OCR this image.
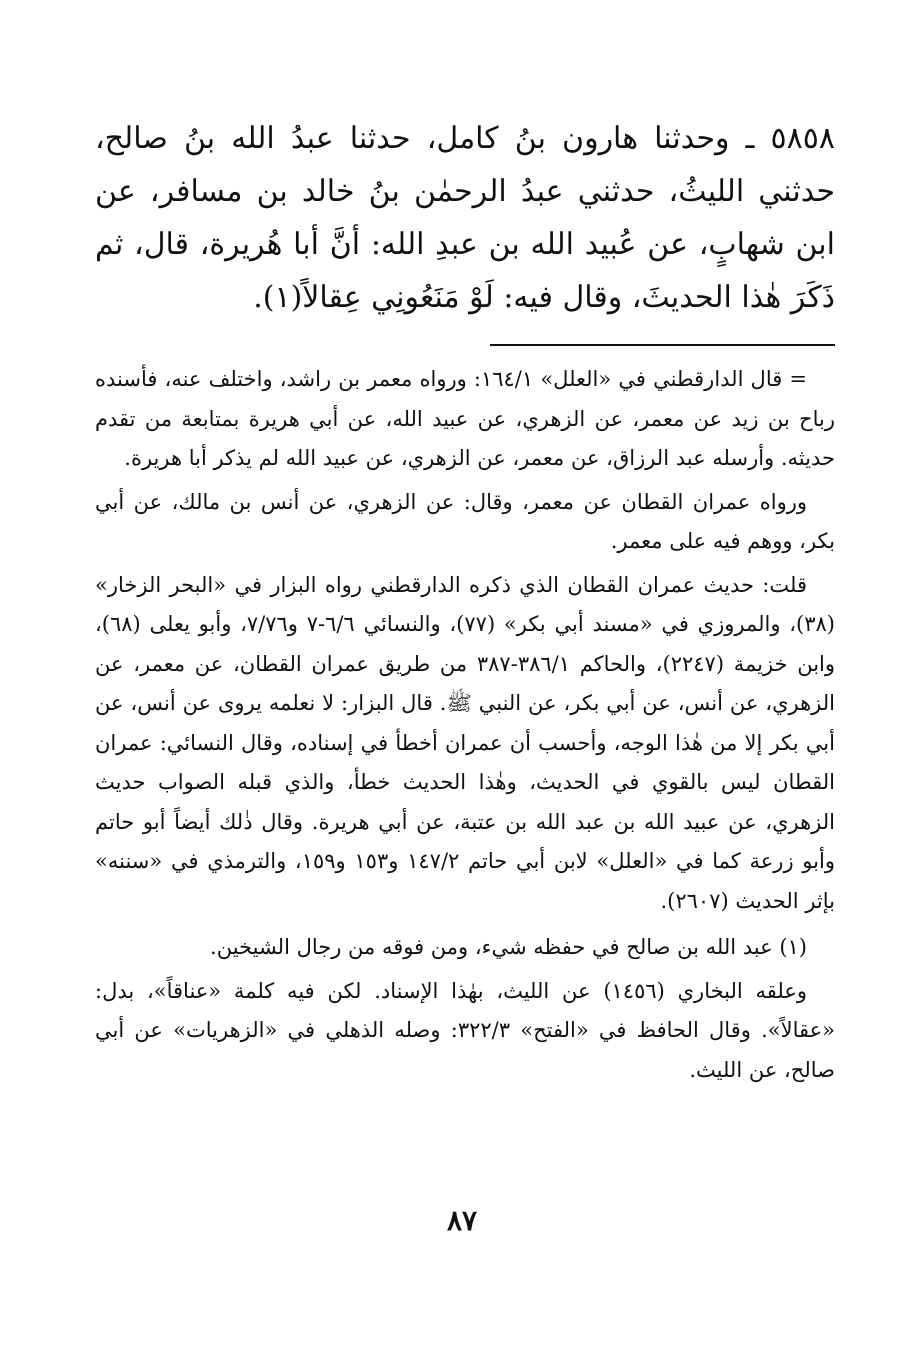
٥٨٥٨ ـ وحدثنا هارون بنُ كامل، حدثنا عبدُ الله بنُ صالح، حدثني الليثُ، حدثني عبدُ الرحمٰن بنُ خالد بن مسافر، عن ابن شهابٍ، عن عُبيد الله بن عبدِ الله: أنَّ أبا هُريرة، قال، ثم ذَكَرَ هٰذا الحديثَ، وقال فيه: لَوْ مَنَعُونِي عِقالاً(١).

= قال الدارقطني في «العلل» ١٦٤/١: ورواه معمر بن راشد، واختلف عنه، فأسنده رباح بن زيد عن معمر، عن الزهري، عن عبيد الله، عن أبي هريرة بمتابعة من تقدم حديثه. وأرسله عبد الرزاق، عن معمر، عن الزهري، عن عبيد الله لم يذكر أبا هريرة.

ورواه عمران القطان عن معمر، وقال: عن الزهري، عن أنس بن مالك، عن أبي بكر، ووهم فيه على معمر.

قلت: حديث عمران القطان الذي ذكره الدارقطني رواه البزار في «البحر الزخار» (٣٨)، والمروزي في «مسند أبي بكر» (٧٧)، والنسائي ٦/٦-٧ و٧/٧٦، وأبو يعلى (٦٨)، وابن خزيمة (٢٢٤٧)، والحاكم ٣٨٦/١-٣٨٧ من طريق عمران القطان، عن معمر، عن الزهري، عن أنس، عن أبي بكر، عن النبي ﷺ. قال البزار: لا نعلمه يروى عن أنس، عن أبي بكر إلا من هٰذا الوجه، وأحسب أن عمران أخطأ في إسناده، وقال النسائي: عمران القطان ليس بالقوي في الحديث، وهٰذا الحديث خطأ، والذي قبله الصواب حديث الزهري، عن عبيد الله بن عبد الله بن عتبة، عن أبي هريرة. وقال ذٰلك أيضاً أبو حاتم وأبو زرعة كما في «العلل» لابن أبي حاتم ١٤٧/٢ و١٥٣ و١٥٩، والترمذي في «سننه» بإثر الحديث (٢٦٠٧).

(١) عبد الله بن صالح في حفظه شيء، ومن فوقه من رجال الشيخين.

وعلقه البخاري (١٤٥٦) عن الليث، بهٰذا الإسناد. لكن فيه كلمة «عناقاً»، بدل: «عقالاً». وقال الحافظ في «الفتح» ٣٢٢/٣: وصله الذهلي في «الزهريات» عن أبي صالح، عن الليث.

٨٧
